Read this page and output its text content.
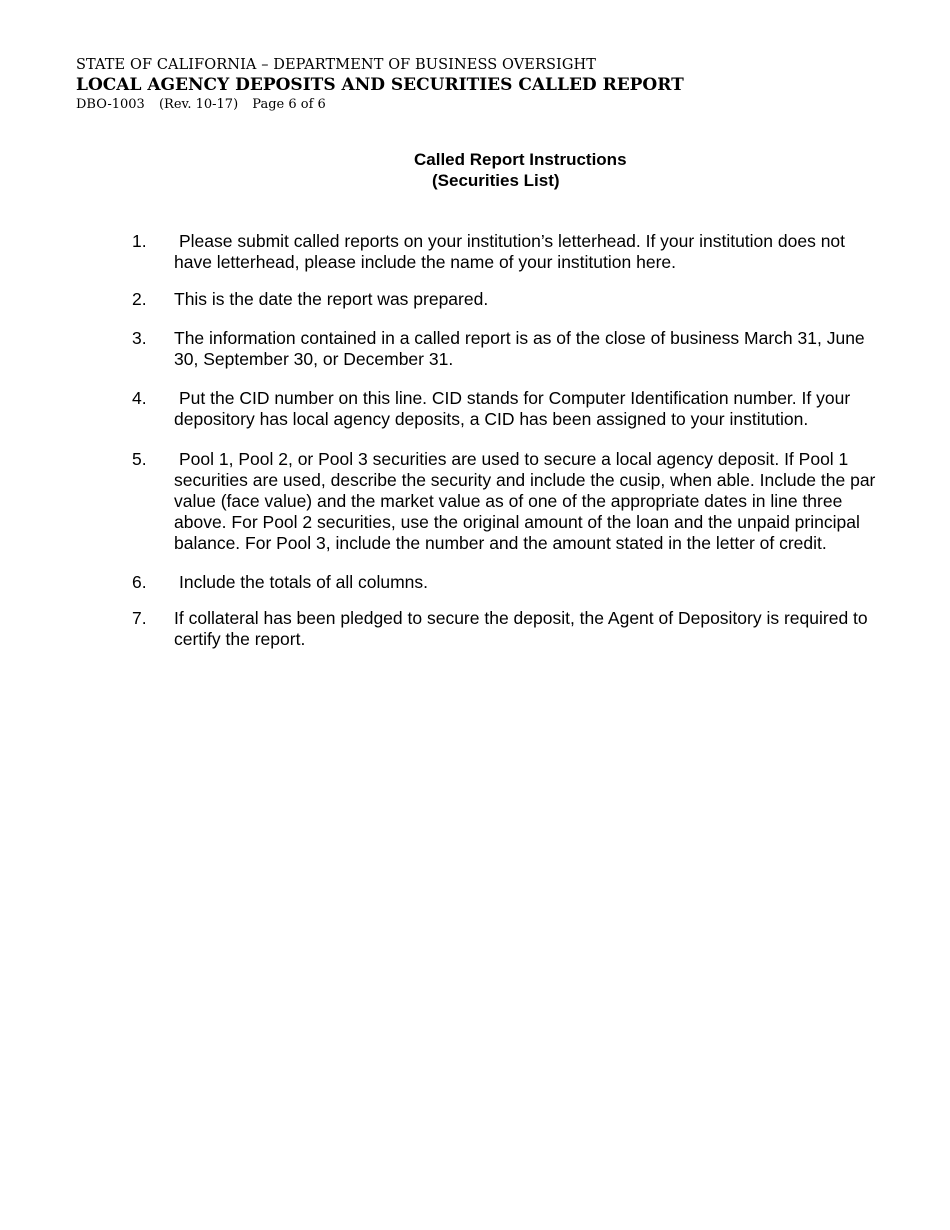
STATE OF CALIFORNIA – DEPARTMENT OF BUSINESS OVERSIGHT
LOCAL AGENCY DEPOSITS AND SECURITIES CALLED REPORT
DBO-1003 (Rev. 10-17) Page 6 of 6
Called Report Instructions
(Securities List)
1. Please submit called reports on your institution’s letterhead. If your institution does not have letterhead, please include the name of your institution here.
2. This is the date the report was prepared.
3. The information contained in a called report is as of the close of business March 31, June 30, September 30, or December 31.
4. Put the CID number on this line. CID stands for Computer Identification number. If your depository has local agency deposits, a CID has been assigned to your institution.
5. Pool 1, Pool 2, or Pool 3 securities are used to secure a local agency deposit. If Pool 1 securities are used, describe the security and include the cusip, when able. Include the par value (face value) and the market value as of one of the appropriate dates in line three above. For Pool 2 securities, use the original amount of the loan and the unpaid principal balance. For Pool 3, include the number and the amount stated in the letter of credit.
6. Include the totals of all columns.
7. If collateral has been pledged to secure the deposit, the Agent of Depository is required to certify the report.
